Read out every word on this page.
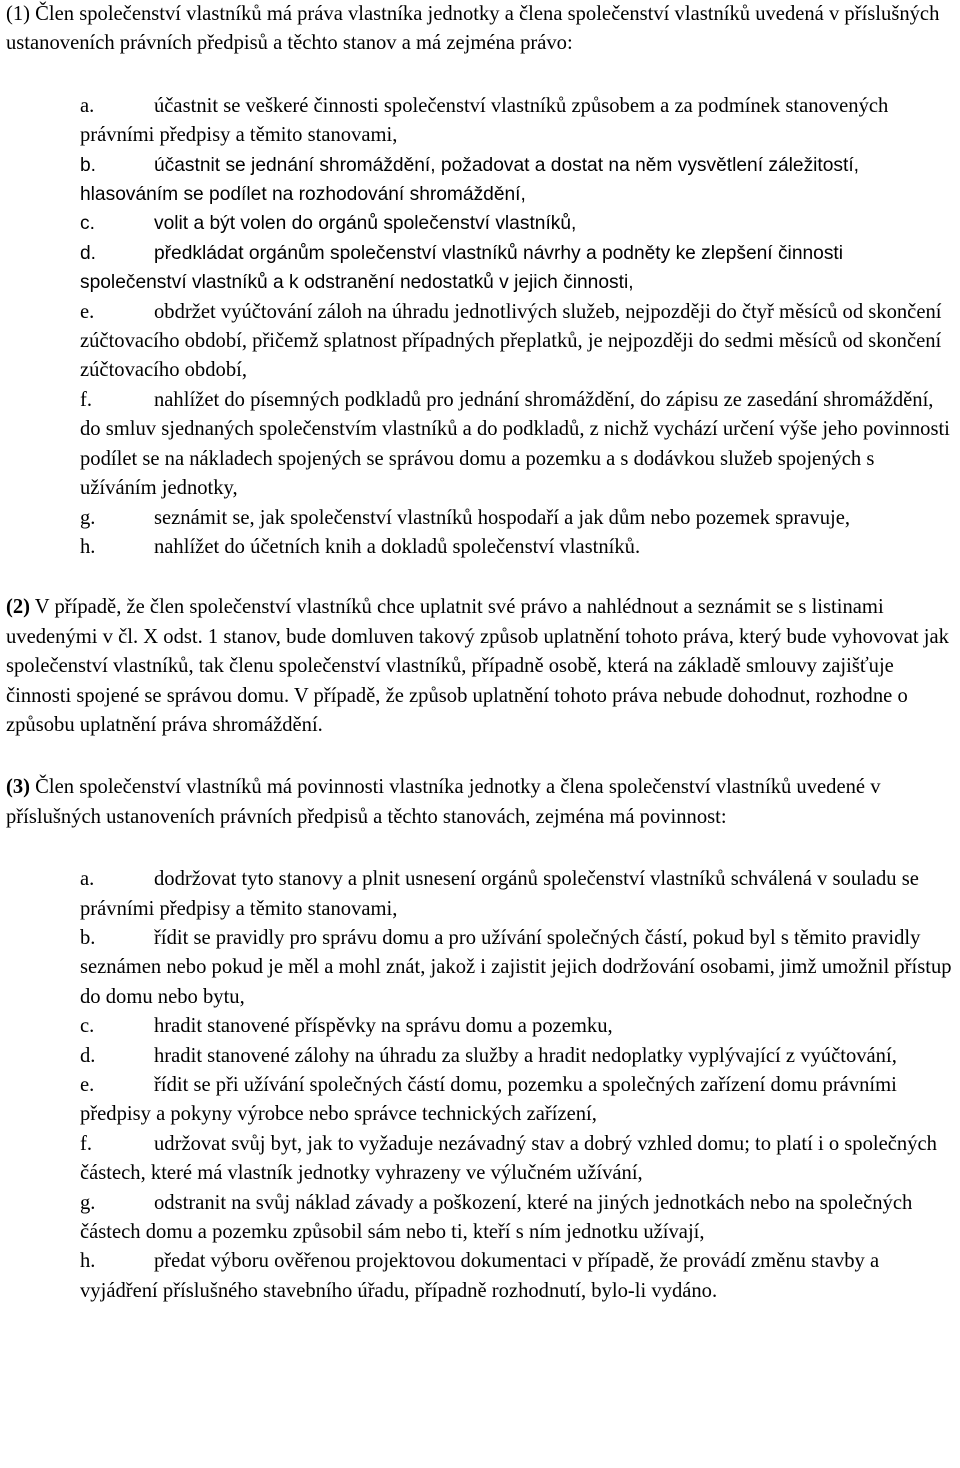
(1) Člen společenství vlastníků má práva vlastníka jednotky a člena společenství vlastníků uvedená v příslušných ustanoveních právních předpisů a těchto stanov a má zejména právo:

a.	účastnit se veškeré činnosti společenství vlastníků způsobem a za podmínek stanovených právními předpisy a těmito stanovami,

b.	účastnit se jednání shromáždění, požadovat a dostat na něm vysvětlení záležitostí, hlasováním se podílet na rozhodování shromáždění,

c.	volit a být volen do orgánů společenství vlastníků,

d.	předkládat orgánům společenství vlastníků návrhy a podněty ke zlepšení činnosti společenství vlastníků a k odstranění nedostatků v jejich činnosti,

e.	obdržet vyúčtování záloh na úhradu jednotlivých služeb, nejpozději do čtyř měsíců od skončení zúčtovacího období, přičemž splatnost případných přeplatků, je nejpozději do sedmi měsíců od skončení zúčtovacího období,

f.	nahlížet do písemných podkladů pro jednání shromáždění, do zápisu ze zasedání shromáždění, do smluv sjednaných společenstvím vlastníků a do podkladů, z nichž vychází určení výše jeho povinnosti podílet se na nákladech spojených se správou domu a pozemku a s dodávkou služeb spojených s užíváním jednotky,

g.	seznámit se, jak společenství vlastníků hospodaří a jak dům nebo pozemek spravuje,

h.	nahlížet do účetních knih a dokladů společenství vlastníků.

(2) V případě, že člen společenství vlastníků chce uplatnit své právo a nahlédnout a seznámit se s listinami uvedenými v čl. X odst. 1 stanov, bude domluven takový způsob uplatnění tohoto práva, který bude vyhovovat jak společenství vlastníků, tak členu společenství vlastníků, případně osobě, která na základě smlouvy zajišťuje činnosti spojené se správou domu. V případě, že způsob uplatnění tohoto práva nebude dohodnut, rozhodne o způsobu uplatnění práva shromáždění.

(3) Člen společenství vlastníků má povinnosti vlastníka jednotky a člena společenství vlastníků uvedené v příslušných ustanoveních právních předpisů a těchto stanovách, zejména má povinnost:

a.	dodržovat tyto stanovy a plnit usnesení orgánů společenství vlastníků schválená v souladu se právními předpisy a těmito stanovami,

b.	řídit se pravidly pro správu domu a pro užívání společných částí, pokud byl s těmito pravidly seznámen nebo pokud je měl a mohl znát, jakož i zajistit jejich dodržování osobami, jimž umožnil přístup do domu nebo bytu,

c.	hradit stanovené příspěvky na správu domu a pozemku,

d.	hradit stanovené zálohy na úhradu za služby a hradit nedoplatky vyplývající z vyúčtování,

e.	řídit se při užívání společných částí domu, pozemku a společných zařízení domu právními předpisy a pokyny výrobce nebo správce technických zařízení,

f.	udržovat svůj byt, jak to vyžaduje nezávadný stav a dobrý vzhled domu; to platí i o společných částech, které má vlastník jednotky vyhrazeny ve výlučném užívání,

g.	odstranit na svůj náklad závady a poškození, které na jiných jednotkách nebo na společných částech domu a pozemku způsobil sám nebo ti, kteří s ním jednotku užívají,

h.	předat výboru ověřenou projektovou dokumentaci v případě, že provádí změnu stavby a vyjádření příslušného stavebního úřadu, případně rozhodnutí, bylo-li vydáno.
